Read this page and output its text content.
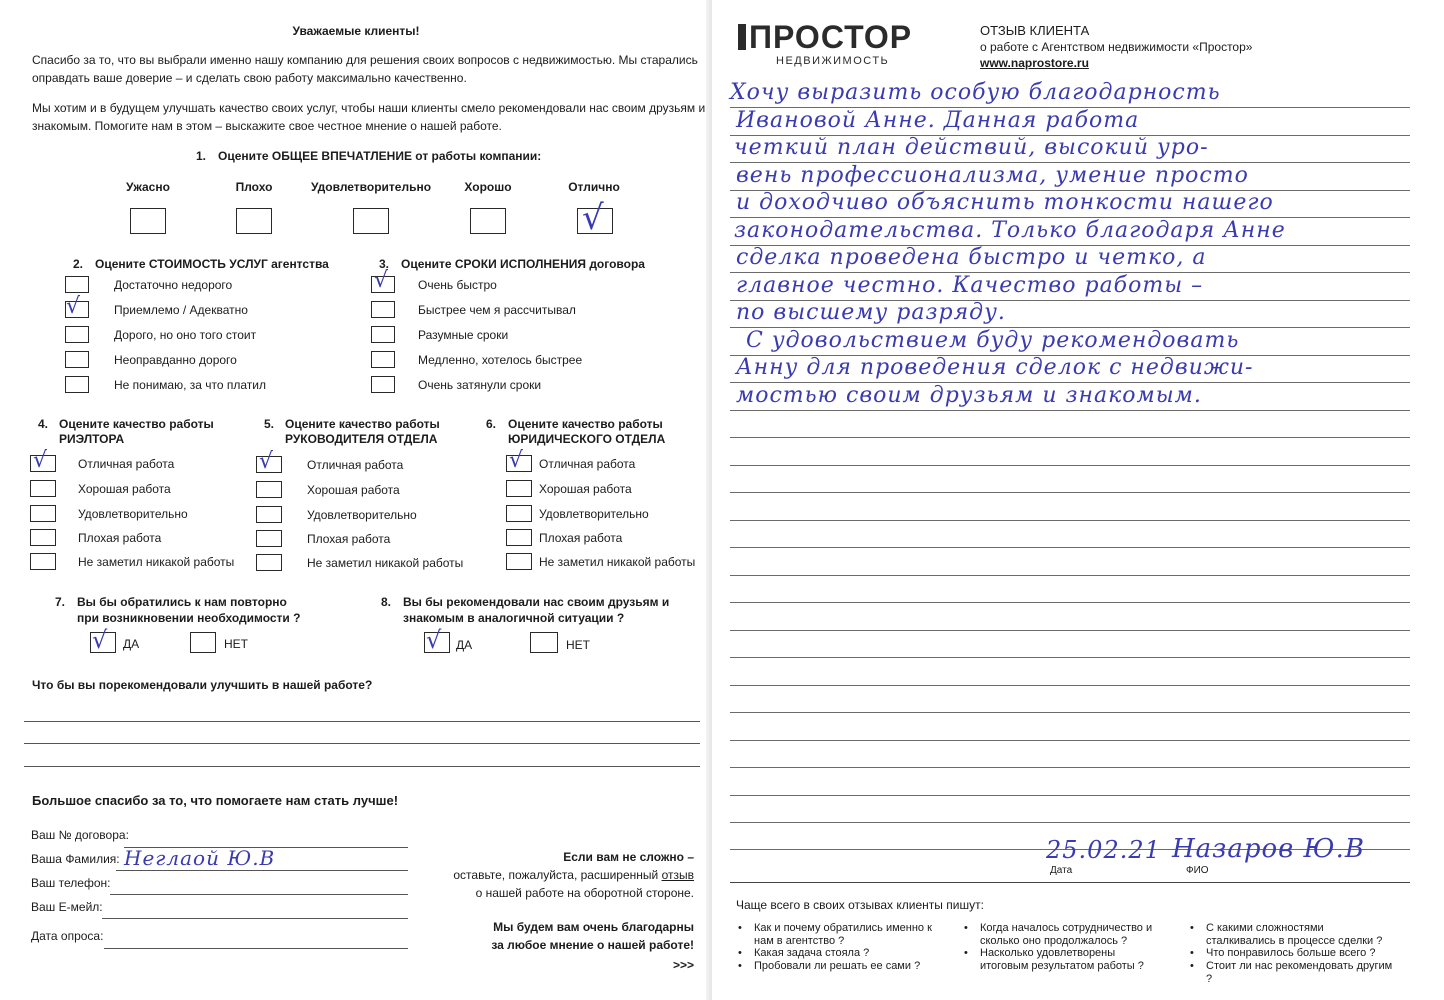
Уважаемые клиенты!
Спасибо за то, что вы выбрали именно нашу компанию для решения своих вопросов с недвижимостью. Мы старались
оправдать ваше доверие – и сделать свою работу максимально качественно.
Мы хотим и в будущем улучшать качество своих услуг, чтобы наши клиенты смело рекомендовали нас своим друзьям и
знакомым. Помогите нам в этом – выскажите свое честное мнение о нашей работе.
1. Оцените ОБЩЕЕ ВПЕЧАТЛЕНИЕ от работы компании:
Ужасно	Плохо	Удовлетворительно	Хорошо	Отлично
√
2. Оцените СТОИМОСТЬ УСЛУГ агентства
√
Достаточно недорого
Приемлемо / Адекватно
Дорого, но оно того стоит
Неоправданно дорого
Не понимаю, за что платил
3. Оцените СРОКИ ИСПОЛНЕНИЯ договора
√ Очень быстро
Быстрее чем я рассчитывал
Разумные сроки
Медленно, хотелось быстрее
Очень затянули сроки
4. Оцените качество работы
РИЭЛТОРА
√	Отличная работа
Хорошая работа
Удовлетворительно
Плохая работа
Не заметил никакой работы
5. Оцените качество работы
РУКОВОДИТЕЛЯ ОТДЕЛА
√	Отличная работа
Хорошая работа
Удовлетворительно
Плохая работа
Не заметил никакой работы
6. Оцените качество работы
ЮРИДИЧЕСКОГО ОТДЕЛА
√ Отличная работа
Хорошая работа
Удовлетворительно
Плохая работа
Не заметил никакой работы
7. Вы бы обратились к нам повторно
при возникновении необходимости ?
√ ДА	НЕТ
8. Вы бы рекомендовали нас своим друзьям и
знакомым в аналогичной ситуации ?
√ ДА	НЕТ
Что бы вы порекомендовали улучшить в нашей работе?
Большое спасибо за то, что помогаете нам стать лучше!
Ваш № договора:
Ваша Фамилия: Неглаой Ю.В
Ваш телефон:
Ваш Е-мейл:
Дата опроса:
Если вам не сложно –
оставьте, пожалуйста, расширенный отзыв
о нашей работе на оборотной стороне.
Мы будем вам очень благодарны
за любое мнение о нашей работе!
>>>
ПРОСТОР
НЕДВИЖИМОСТЬ
ОТЗЫВ КЛИЕНТА
о работе с Агентством недвижимости «Простор»
www.naprostore.ru
Хочу выразить особую благодарность
Ивановой Анне. Данная работа
четкий план действий, высокий уро-
вень профессионализма, умение просто
и доходчиво объяснить тонкости нашего
законодательства. Только благодаря Анне
сделка проведена быстро и четко, а
главное честно. Качество работы –
по высшему разряду.
С удовольствием буду рекомендовать
Анну для проведения сделок с недвижи-
мостью своим друзьям и знакомым.
25.02.21 Назаров Ю.В
Дата	ФИО
Чаще всего в своих отзывах клиенты пишут:
• Как и почему обратились именно к нам в агентство ?
• Какая задача стояла ?
• Пробовали ли решать ее сами ?
• Когда началось сотрудничество и сколько оно продолжалось ?
• Насколько удовлетворены итоговым результатом работы ?
• С какими сложностями сталкивались в процессе сделки ?
• Что понравилось больше всего ?
• Стоит ли нас рекомендовать другим ?
